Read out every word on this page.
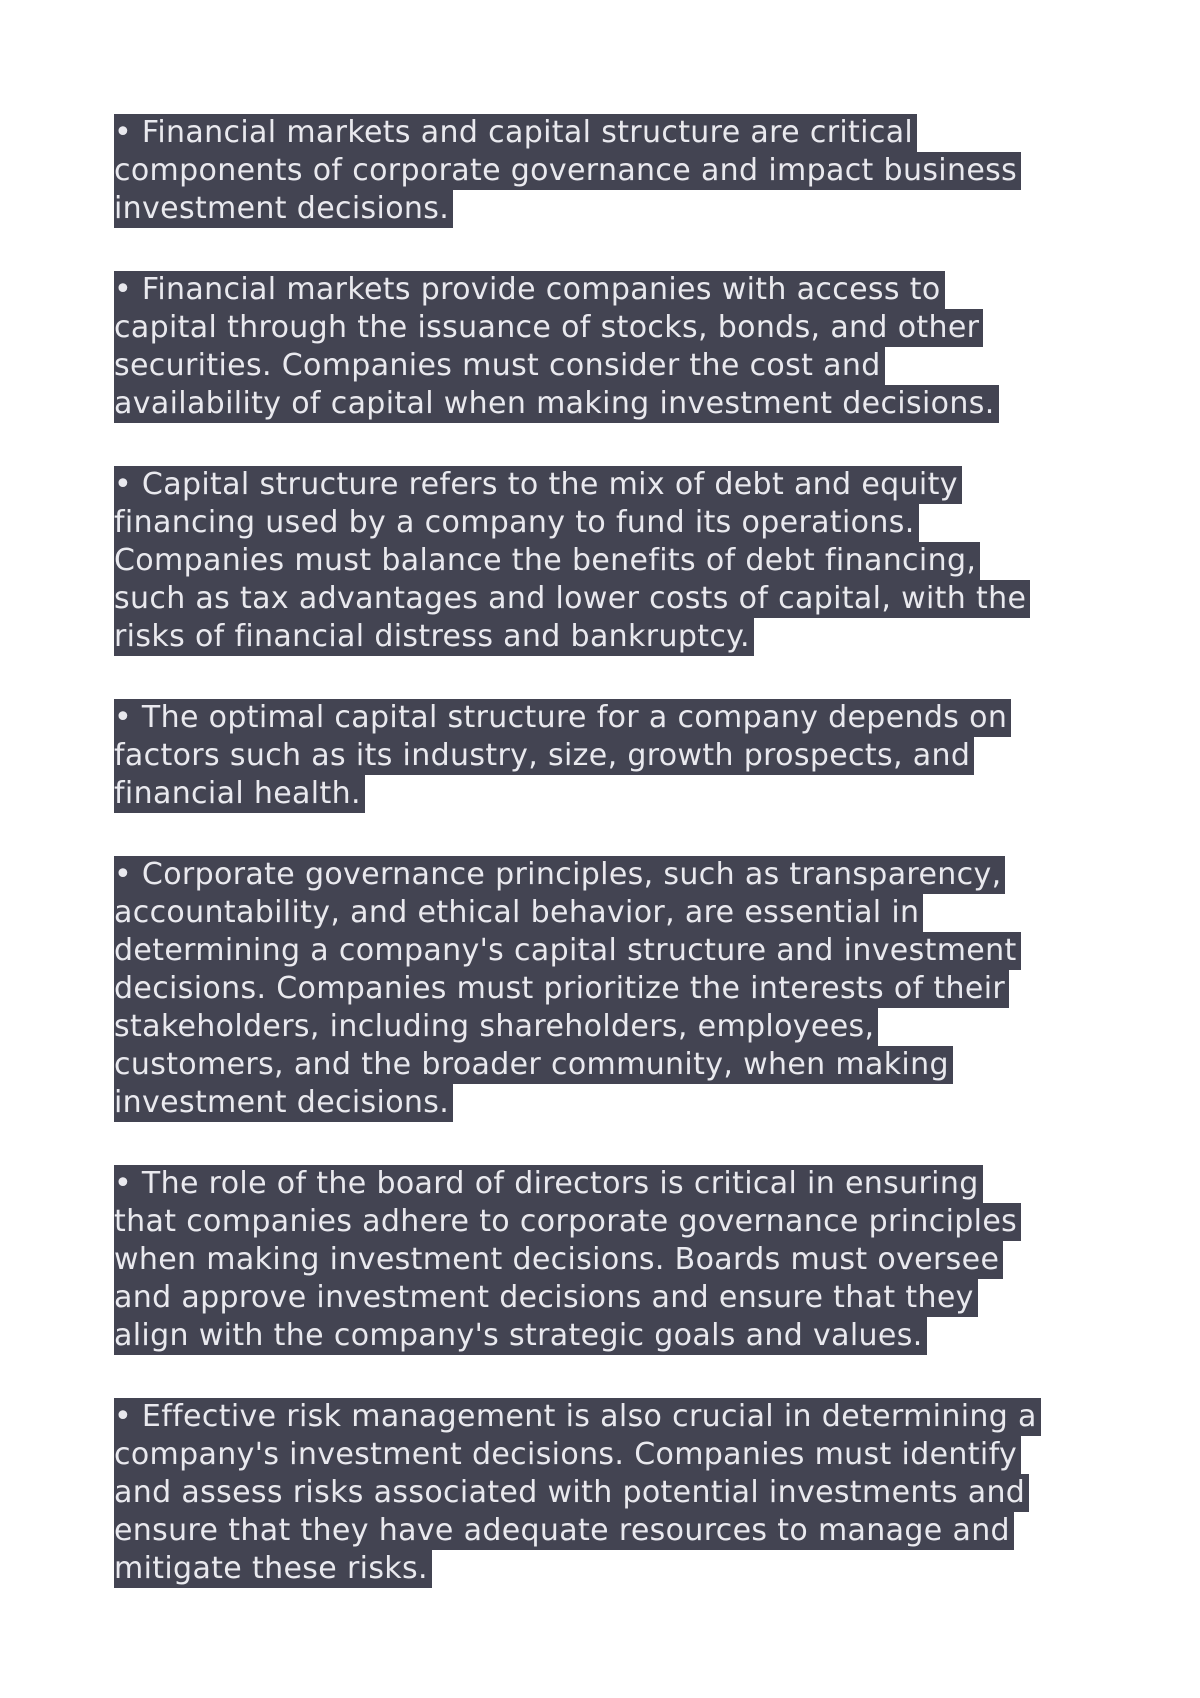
• Financial markets and capital structure are critical
components of corporate governance and impact business
investment decisions.
• Financial markets provide companies with access to
capital through the issuance of stocks, bonds, and other
securities. Companies must consider the cost and
availability of capital when making investment decisions.
• Capital structure refers to the mix of debt and equity
financing used by a company to fund its operations.
Companies must balance the benefits of debt financing,
such as tax advantages and lower costs of capital, with the
risks of financial distress and bankruptcy.
• The optimal capital structure for a company depends on
factors such as its industry, size, growth prospects, and
financial health.
• Corporate governance principles, such as transparency,
accountability, and ethical behavior, are essential in
determining a company's capital structure and investment
decisions. Companies must prioritize the interests of their
stakeholders, including shareholders, employees,
customers, and the broader community, when making
investment decisions.
• The role of the board of directors is critical in ensuring
that companies adhere to corporate governance principles
when making investment decisions. Boards must oversee
and approve investment decisions and ensure that they
align with the company's strategic goals and values.
• Effective risk management is also crucial in determining a
company's investment decisions. Companies must identify
and assess risks associated with potential investments and
ensure that they have adequate resources to manage and
mitigate these risks.
